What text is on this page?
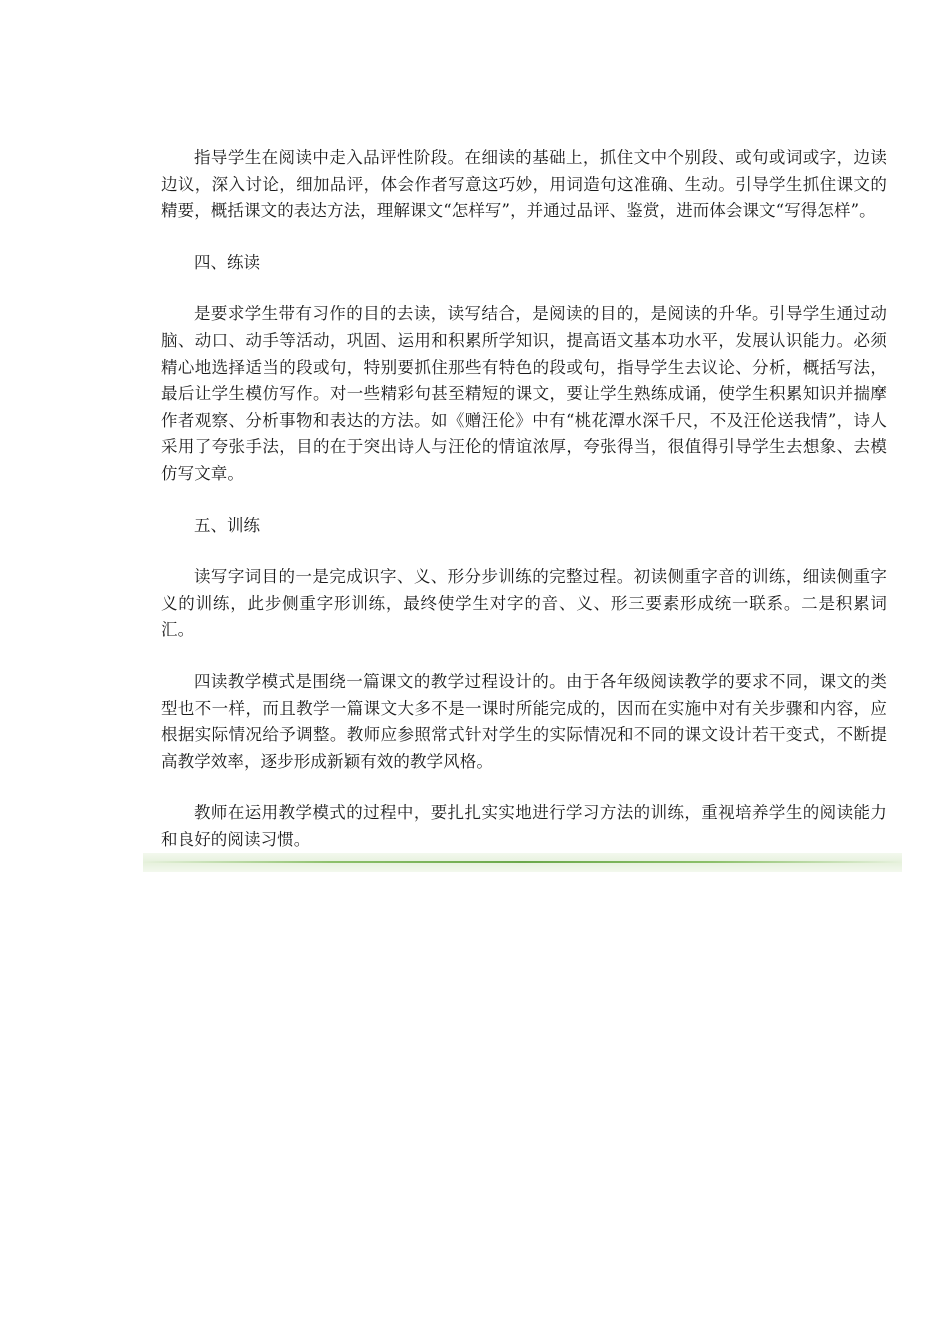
指导学生在阅读中走入品评性阶段。在细读的基础上，抓住文中个别段、或句或词或字，边读边议，深入讨论，细加品评，体会作者写意这巧妙，用词造句这准确、生动。引导学生抓住课文的精要，概括课文的表达方法，理解课文“怎样写”，并通过品评、鉴赏，进而体会课文“写得怎样”。

四、练读

是要求学生带有习作的目的去读，读写结合，是阅读的目的，是阅读的升华。引导学生通过动脑、动口、动手等活动，巩固、运用和积累所学知识，提高语文基本功水平，发展认识能力。必须精心地选择适当的段或句，特别要抓住那些有特色的段或句，指导学生去议论、分析，概括写法，最后让学生模仿写作。对一些精彩句甚至精短的课文，要让学生熟练成诵，使学生积累知识并揣摩作者观察、分析事物和表达的方法。如《赠汪伦》中有“桃花潭水深千尺，不及汪伦送我情”，诗人采用了夸张手法，目的在于突出诗人与汪伦的情谊浓厚，夸张得当，很值得引导学生去想象、去模仿写文章。

五、训练

读写字词目的一是完成识字、义、形分步训练的完整过程。初读侧重字音的训练，细读侧重字义的训练，此步侧重字形训练，最终使学生对字的音、义、形三要素形成统一联系。二是积累词汇。

四读教学模式是围绕一篇课文的教学过程设计的。由于各年级阅读教学的要求不同，课文的类型也不一样，而且教学一篇课文大多不是一课时所能完成的，因而在实施中对有关步骤和内容，应根据实际情况给予调整。教师应参照常式针对学生的实际情况和不同的课文设计若干变式，不断提高教学效率，逐步形成新颖有效的教学风格。

教师在运用教学模式的过程中，要扎扎实实地进行学习方法的训练，重视培养学生的阅读能力和良好的阅读习惯。
